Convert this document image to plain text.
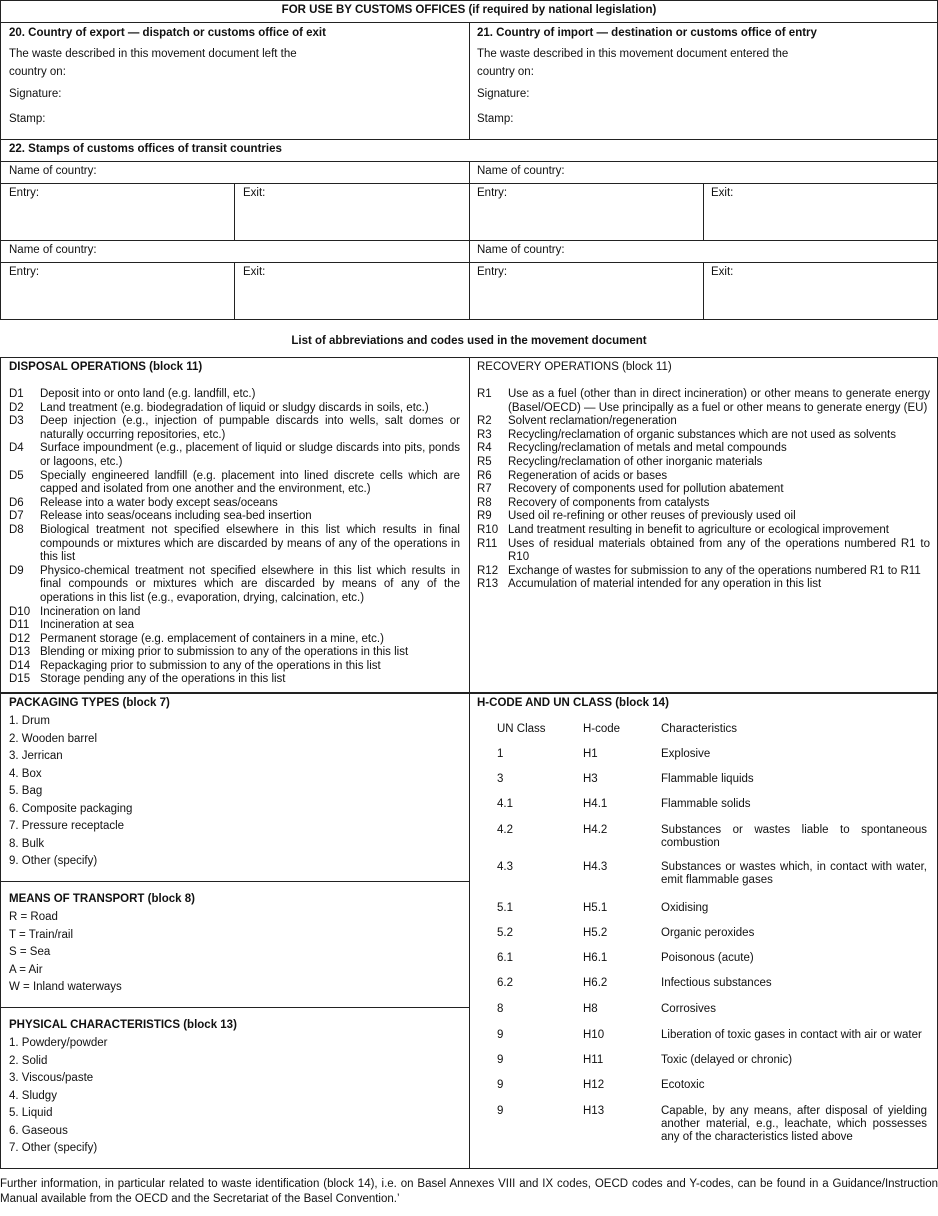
FOR USE BY CUSTOMS OFFICES (if required by national legislation)
20. Country of export — dispatch or customs office of exit
The waste described in this movement document left the
country on:
Signature:
Stamp:
21. Country of import — destination or customs office of entry
The waste described in this movement document entered the
country on:
Signature:
Stamp:
22. Stamps of customs offices of transit countries
Name of country:	Name of country:
Entry:	Exit:	Entry:	Exit:
Name of country:	Name of country:
Entry:	Exit:	Entry:	Exit:
List of abbreviations and codes used in the movement document
DISPOSAL OPERATIONS (block 11)
D1	Deposit into or onto land (e.g. landfill, etc.)
D2	Land treatment (e.g. biodegradation of liquid or sludgy discards in soils, etc.)
D3	Deep injection (e.g., injection of pumpable discards into wells, salt domes or naturally occurring repositories, etc.)
D4	Surface impoundment (e.g., placement of liquid or sludge discards into pits, ponds or lagoons, etc.)
D5	Specially engineered landfill (e.g. placement into lined discrete cells which are capped and isolated from one another and the environment, etc.)
D6	Release into a water body except seas/oceans
D7	Release into seas/oceans including sea-bed insertion
D8	Biological treatment not specified elsewhere in this list which results in final compounds or mixtures which are discarded by means of any of the operations in this list
D9	Physico-chemical treatment not specified elsewhere in this list which results in final compounds or mixtures which are discarded by means of any of the operations in this list (e.g., evaporation, drying, calcination, etc.)
D10 Incineration on land
D11 Incineration at sea
D12 Permanent storage (e.g. emplacement of containers in a mine, etc.)
D13 Blending or mixing prior to submission to any of the operations in this list
D14 Repackaging prior to submission to any of the operations in this list
D15 Storage pending any of the operations in this list
RECOVERY OPERATIONS (block 11)
R1	Use as a fuel (other than in direct incineration) or other means to generate energy (Basel/OECD) — Use principally as a fuel or other means to generate energy (EU)
R2	Solvent reclamation/regeneration
R3	Recycling/reclamation of organic substances which are not used as solvents
R4	Recycling/reclamation of metals and metal compounds
R5	Recycling/reclamation of other inorganic materials
R6	Regeneration of acids or bases
R7	Recovery of components used for pollution abatement
R8	Recovery of components from catalysts
R9	Used oil re-refining or other reuses of previously used oil
R10 Land treatment resulting in benefit to agriculture or ecological improvement
R11 Uses of residual materials obtained from any of the operations numbered R1 to R10
R12 Exchange of wastes for submission to any of the operations numbered R1 to R11
R13 Accumulation of material intended for any operation in this list
PACKAGING TYPES (block 7)
1. Drum
2. Wooden barrel
3. Jerrican
4. Box
5. Bag
6. Composite packaging
7. Pressure receptacle
8. Bulk
9. Other (specify)
MEANS OF TRANSPORT (block 8)
R = Road
T = Train/rail
S = Sea
A = Air
W = Inland waterways
PHYSICAL CHARACTERISTICS (block 13)
1. Powdery/powder
2. Solid
3. Viscous/paste
4. Sludgy
5. Liquid
6. Gaseous
7. Other (specify)
H-CODE AND UN CLASS (block 14)
UN Class	H-code	Characteristics
1	H1	Explosive
3	H3	Flammable liquids
4.1	H4.1	Flammable solids
4.2	H4.2	Substances or wastes liable to spontaneous combustion
4.3	H4.3	Substances or wastes which, in contact with water, emit flammable gases
5.1	H5.1	Oxidising
5.2	H5.2	Organic peroxides
6.1	H6.1	Poisonous (acute)
6.2	H6.2	Infectious substances
8	H8	Corrosives
9	H10	Liberation of toxic gases in contact with air or water
9	H11	Toxic (delayed or chronic)
9	H12	Ecotoxic
9	H13	Capable, by any means, after disposal of yielding another material, e.g., leachate, which possesses any of the characteristics listed above
Further information, in particular related to waste identification (block 14), i.e. on Basel Annexes VIII and IX codes, OECD codes and Y-codes, can be found in a Guidance/Instruction Manual available from the OECD and the Secretariat of the Basel Convention.’
